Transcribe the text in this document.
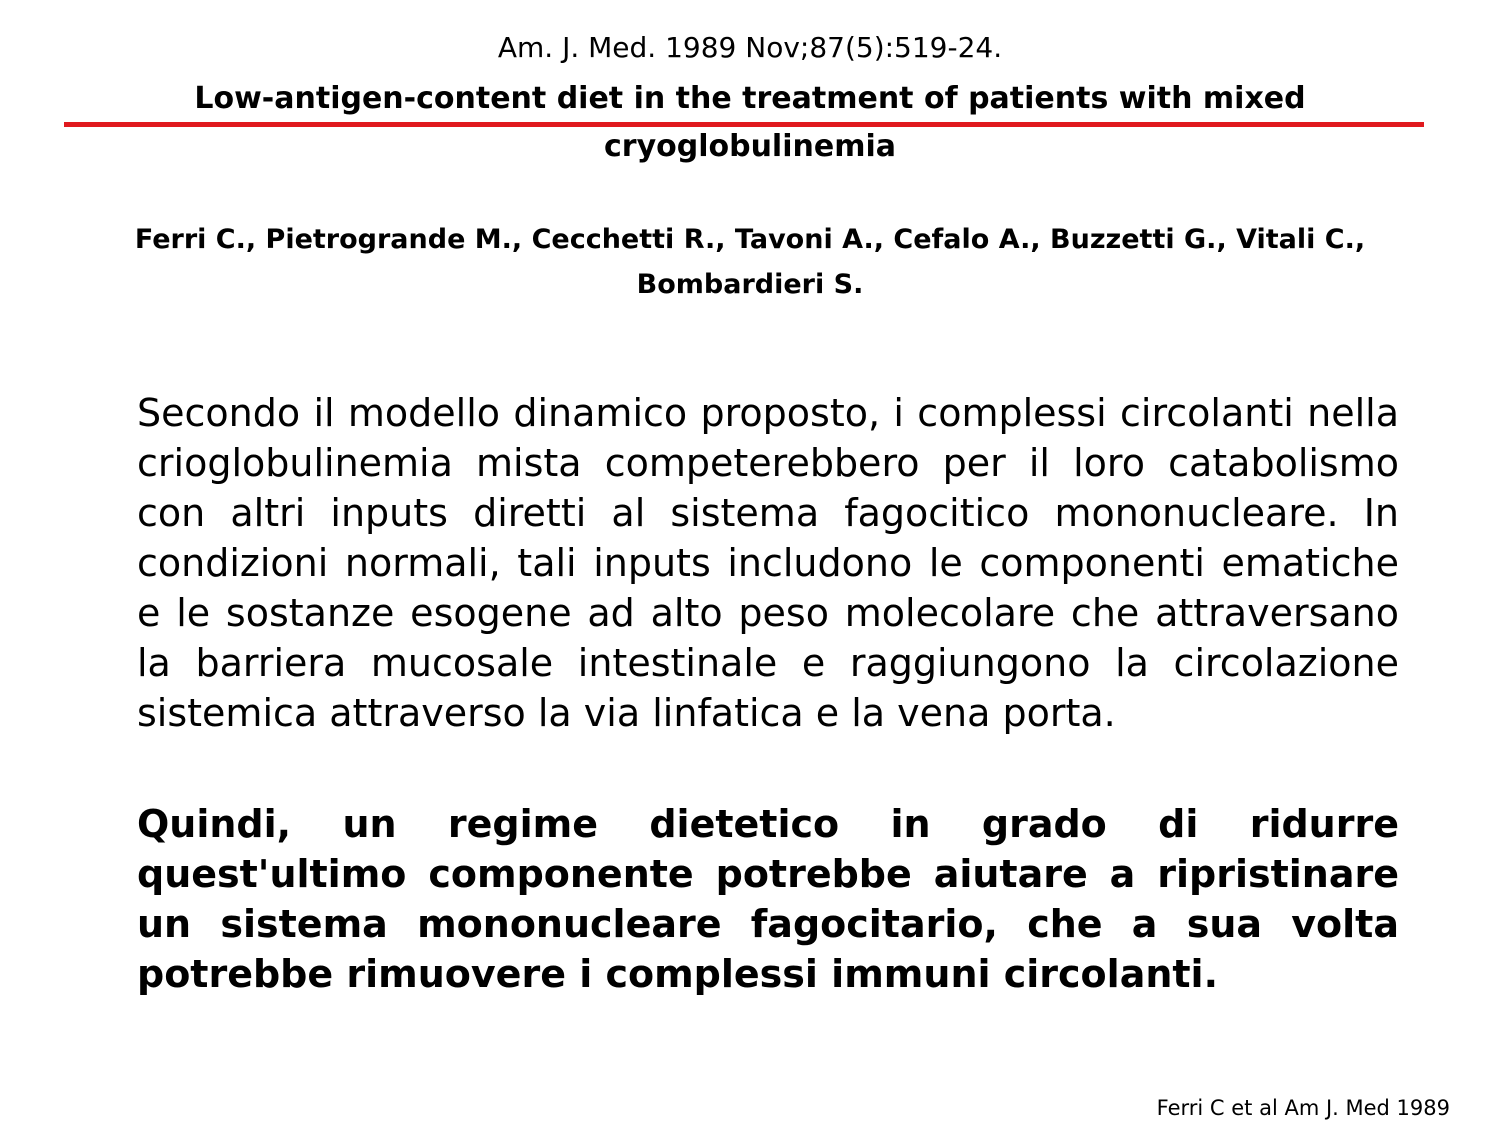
Am. J. Med. 1989 Nov;87(5):519-24.
Low-antigen-content diet in the treatment of patients with mixed cryoglobulinemia
Ferri C., Pietrogrande M., Cecchetti R., Tavoni A., Cefalo A., Buzzetti G., Vitali C., Bombardieri S.
Secondo il modello dinamico proposto, i complessi circolanti nella crioglobulinemia mista competerebbero per il loro catabolismo con altri inputs diretti al sistema fagocitico mononucleare. In condizioni normali, tali inputs includono le componenti ematiche e le sostanze esogene ad alto peso molecolare che attraversano la barriera mucosale intestinale e raggiungono la circolazione sistemica attraverso la via linfatica e la vena porta.
Quindi, un regime dietetico in grado di ridurre quest'ultimo componente potrebbe aiutare a ripristinare un sistema mononucleare fagocitario, che a sua volta potrebbe rimuovere i complessi immuni circolanti.
Ferri C et al Am J. Med 1989
